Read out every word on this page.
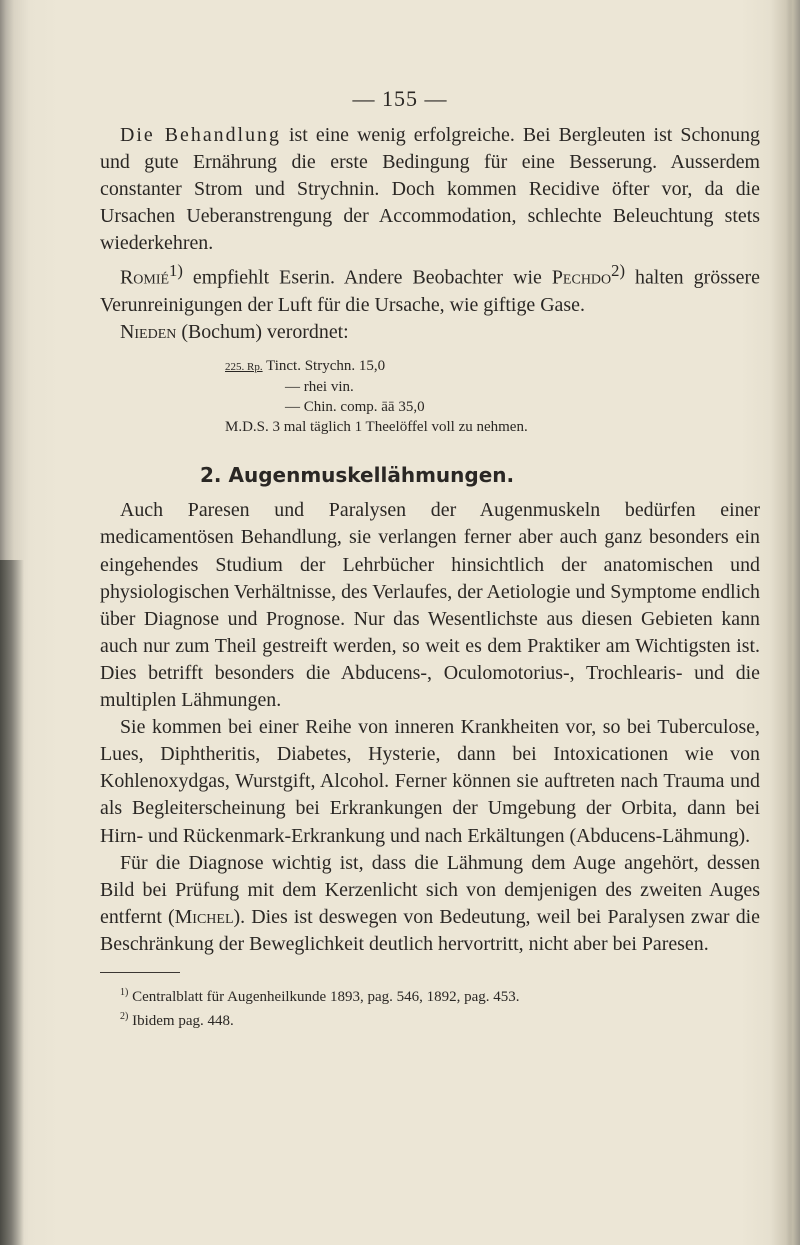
— 155 —

Die Behandlung ist eine wenig erfolgreiche. Bei Bergleuten ist Schonung und gute Ernährung die erste Bedingung für eine Besserung. Ausserdem constanter Strom und Strychnin. Doch kommen Recidive öfter vor, da die Ursachen Ueberanstrengung der Accommodation, schlechte Beleuchtung stets wiederkehren.

Romié$^{1)}$ empfiehlt Eserin. Andere Beobachter wie Pechdo$^{2)}$ halten grössere Verunreinigungen der Luft für die Ursache, wie giftige Gase.

Nieden (Bochum) verordnet:

225. Rp. Tinct. Strychn. 15,0
— rhei vin.
— Chin. comp. āā 35,0
M.D.S. 3 mal täglich 1 Theelöffel voll zu nehmen.
2. Augenmuskellähmungen.

Auch Paresen und Paralysen der Augenmuskeln bedürfen einer medicamentösen Behandlung, sie verlangen ferner aber auch ganz besonders ein eingehendes Studium der Lehrbücher hinsichtlich der anatomischen und physiologischen Verhältnisse, des Verlaufes, der Aetiologie und Symptome endlich über Diagnose und Prognose. Nur das Wesentlichste aus diesen Gebieten kann auch nur zum Theil gestreift werden, so weit es dem Praktiker am Wichtigsten ist. Dies betrifft besonders die Abducens-, Oculomotorius-, Trochlearis- und die multiplen Lähmungen.

Sie kommen bei einer Reihe von inneren Krankheiten vor, so bei Tuberculose, Lues, Diphtheritis, Diabetes, Hysterie, dann bei Intoxicationen wie von Kohlenoxydgas, Wurstgift, Alcohol. Ferner können sie auftreten nach Trauma und als Begleiterscheinung bei Erkrankungen der Umgebung der Orbita, dann bei Hirn- und Rückenmark-Erkrankung und nach Erkältungen (Abducens-Lähmung).

Für die Diagnose wichtig ist, dass die Lähmung dem Auge angehört, dessen Bild bei Prüfung mit dem Kerzenlicht sich von demjenigen des zweiten Auges entfernt (Michel). Dies ist deswegen von Bedeutung, weil bei Paralysen zwar die Beschränkung der Beweglichkeit deutlich hervortritt, nicht aber bei Paresen.

$^{1)}$ Centralblatt für Augenheilkunde 1893, pag. 546, 1892, pag. 453.
$^{2)}$ Ibidem pag. 448.
